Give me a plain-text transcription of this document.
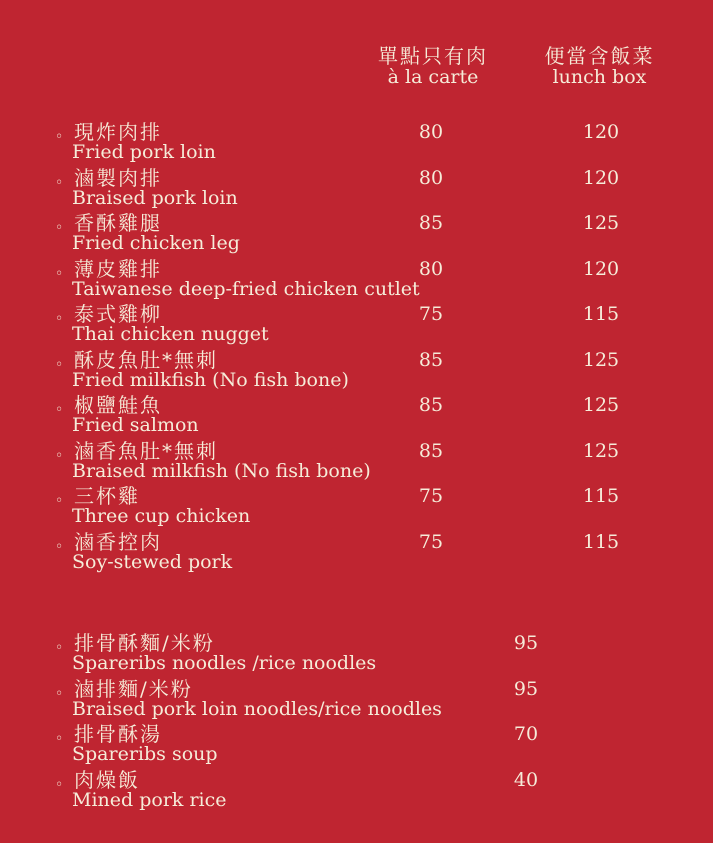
單點只有肉
à la carte
便當含飯菜
lunch box
◦ 現炸肉排
Fried pork loin
80	120
◦ 滷製肉排
Braised pork loin
80	120
◦ 香酥雞腿
Fried chicken leg
85	125
◦ 薄皮雞排
Taiwanese deep-fried chicken cutlet
80	120
◦ 泰式雞柳
Thai chicken nugget
75	115
◦ 酥皮魚肚*無刺
Fried milkfish (No fish bone)
85	125
◦ 椒鹽鮭魚
Fried salmon
85	125
◦ 滷香魚肚*無刺
Braised milkfish (No fish bone)
85	125
◦ 三杯雞
Three cup chicken
75	115
◦ 滷香控肉
Soy-stewed pork
75	115
◦ 排骨酥麵/米粉
Spareribs noodles /rice noodles
95
◦ 滷排麵/米粉
Braised pork loin noodles/rice noodles
95
◦ 排骨酥湯
Spareribs soup
70
◦ 肉燥飯
Mined pork rice
40
